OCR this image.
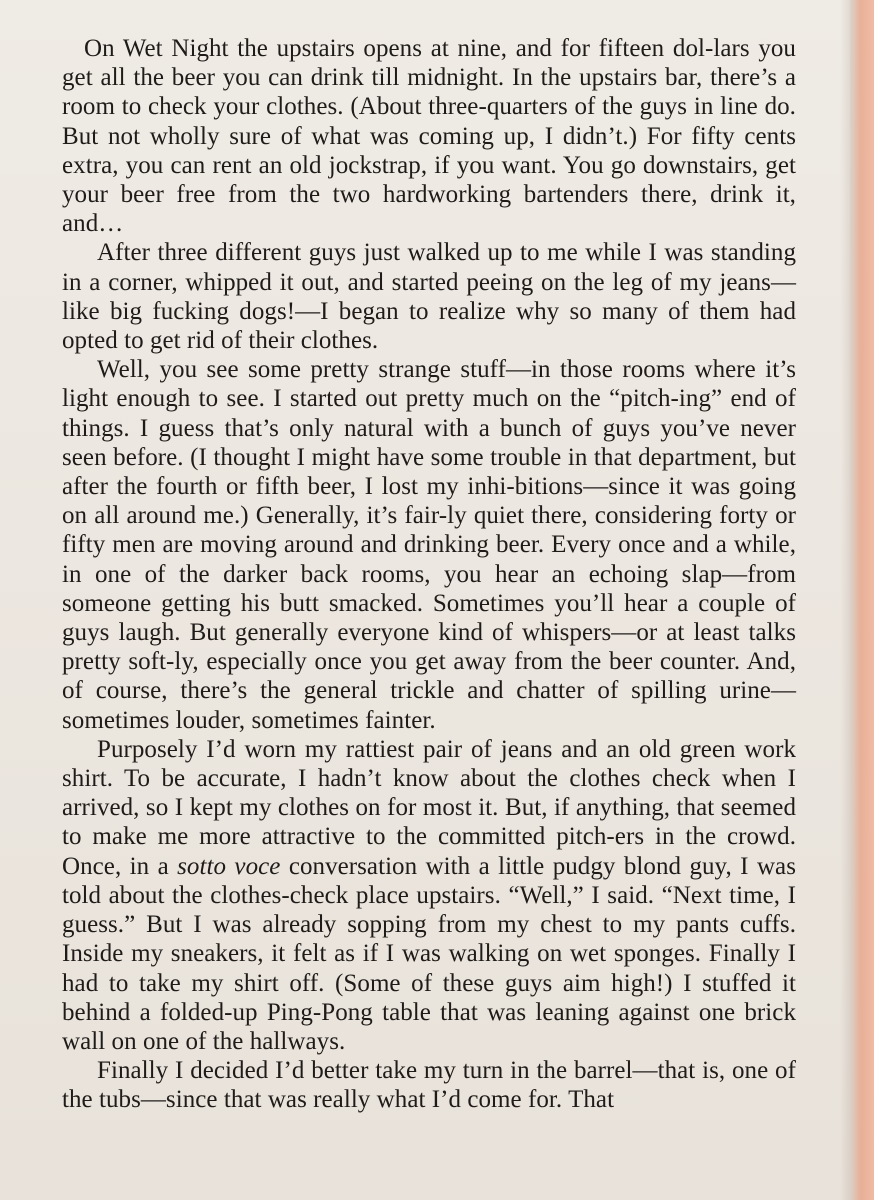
On Wet Night the upstairs opens at nine, and for fifteen dol-lars you get all the beer you can drink till midnight. In the upstairs bar, there’s a room to check your clothes. (About three-quarters of the guys in line do. But not wholly sure of what was coming up, I didn’t.) For fifty cents extra, you can rent an old jockstrap, if you want. You go downstairs, get your beer free from the two hardworking bartenders there, drink it, and…

After three different guys just walked up to me while I was standing in a corner, whipped it out, and started peeing on the leg of my jeans—like big fucking dogs!—I began to realize why so many of them had opted to get rid of their clothes.

Well, you see some pretty strange stuff—in those rooms where it’s light enough to see. I started out pretty much on the “pitch-ing” end of things. I guess that’s only natural with a bunch of guys you’ve never seen before. (I thought I might have some trouble in that department, but after the fourth or fifth beer, I lost my inhi-bitions—since it was going on all around me.) Generally, it’s fair-ly quiet there, considering forty or fifty men are moving around and drinking beer. Every once and a while, in one of the darker back rooms, you hear an echoing slap—from someone getting his butt smacked. Sometimes you’ll hear a couple of guys laugh. But generally everyone kind of whispers—or at least talks pretty soft-ly, especially once you get away from the beer counter. And, of course, there’s the general trickle and chatter of spilling urine—sometimes louder, sometimes fainter.

Purposely I’d worn my rattiest pair of jeans and an old green work shirt. To be accurate, I hadn’t know about the clothes check when I arrived, so I kept my clothes on for most it. But, if anything, that seemed to make me more attractive to the committed pitch-ers in the crowd. Once, in a sotto voce conversation with a little pudgy blond guy, I was told about the clothes-check place upstairs. “Well,” I said. “Next time, I guess.” But I was already sopping from my chest to my pants cuffs. Inside my sneakers, it felt as if I was walking on wet sponges. Finally I had to take my shirt off. (Some of these guys aim high!) I stuffed it behind a folded-up Ping-Pong table that was leaning against one brick wall on one of the hallways.

Finally I decided I’d better take my turn in the barrel—that is, one of the tubs—since that was really what I’d come for. That
